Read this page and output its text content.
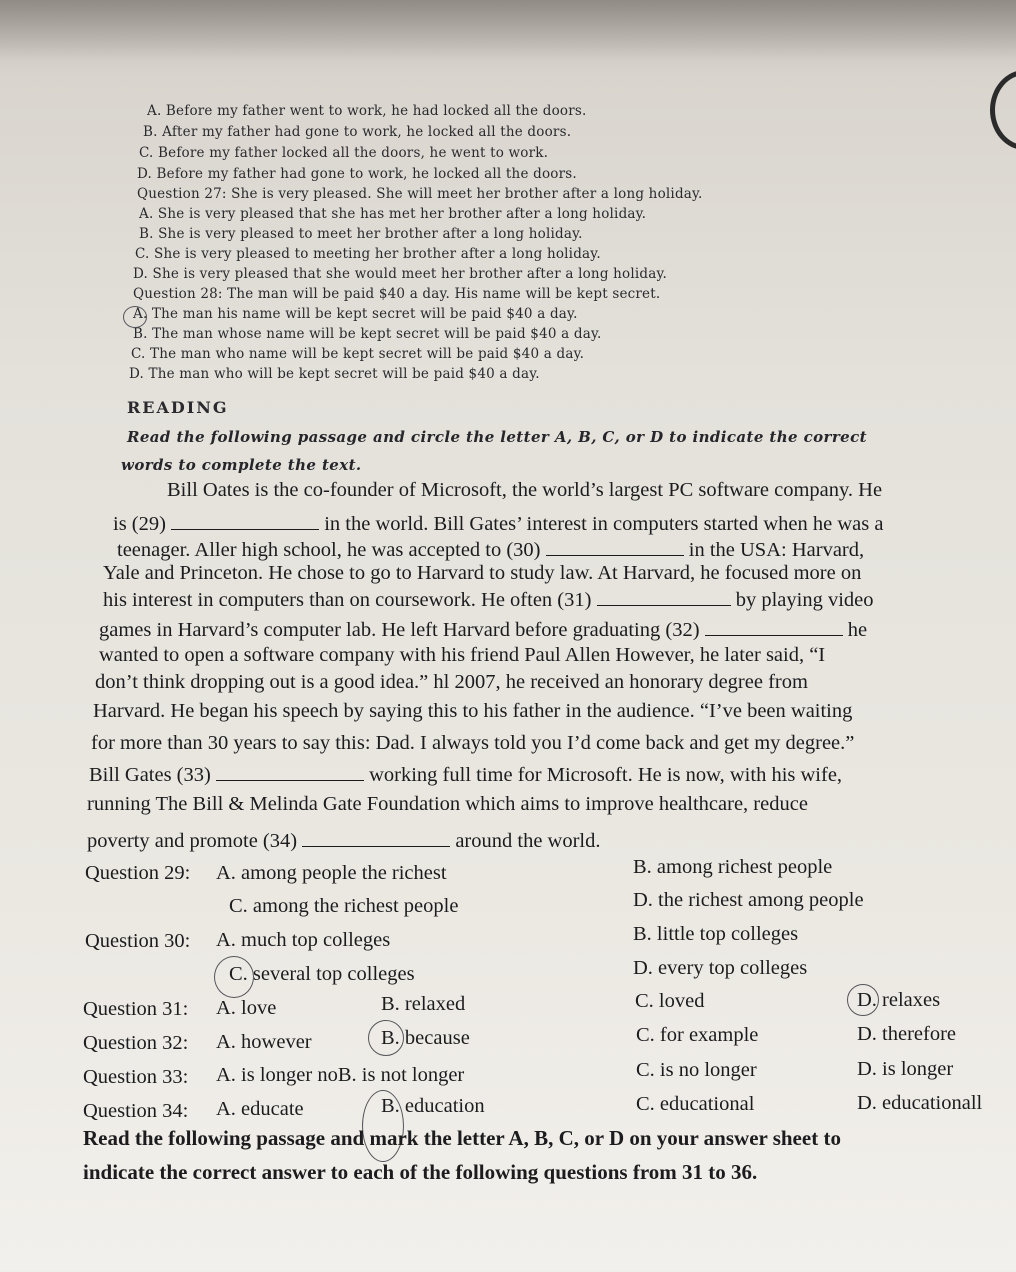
A. Before my father went to work, he had locked all the doors.
B. After my father had gone to work, he locked all the doors.
C. Before my father locked all the doors, he went to work.
D. Before my father had gone to work, he locked all the doors.
Question 27: She is very pleased. She will meet her brother after a long holiday.
A. She is very pleased that she has met her brother after a long holiday.
B. She is very pleased to meet her brother after a long holiday.
C. She is very pleased to meeting her brother after a long holiday.
D. She is very pleased that she would meet her brother after a long holiday.
Question 28: The man will be paid $40 a day. His name will be kept secret.
A. The man his name will be kept secret will be paid $40 a day.
B. The man whose name will be kept secret will be paid $40 a day.
C. The man who name will be kept secret will be paid $40 a day.
D. The man who will be kept secret will be paid $40 a day.
READING
Read the following passage and circle the letter A, B, C, or D to indicate the correct
words to complete the text.
Bill Oates is the co-founder of Microsoft, the world’s largest PC software company. He
is (29)	in the world. Bill Gates’ interest in computers started when he was a
teenager. Aller high school, he was accepted to (30)	in the USA: Harvard,
Yale and Princeton. He chose to go to Harvard to study law. At Harvard, he focused more on
his interest in computers than on coursework. He often (31)	by playing video
games in Harvard’s computer lab. He left Harvard before graduating (32)	he
wanted to open a software company with his friend Paul Allen However, he later said, “I
don’t think dropping out is a good idea.” hl 2007, he received an honorary degree from
Harvard. He began his speech by saying this to his father in the audience. “I’ve been waiting
for more than 30 years to say this: Dad. I always told you I’d come back and get my degree.”
Bill Gates (33)	working full time for Microsoft. He is now, with his wife,
running The Bill & Melinda Gate Foundation which aims to improve healthcare, reduce
poverty and promote (34)	around the world.
Question 29: A. among people the richest	B. among richest people
C. among the richest people	D. the richest among people
Question 30: A. much top colleges	B. little top colleges
C. several top colleges	D. every top colleges
Question 31: A. love	B. relaxed	C. loved	D. relaxes
Question 32: A. however	B. because	C. for example	D. therefore
Question 33: A. is longer noB. is not longer	C. is no longer	D. is longer
Question 34: A. educate	B. education	C. educational	D. educationall
Read the following passage and mark the letter A, B, C, or D on your answer sheet to
indicate the correct answer to each of the following questions from 31 to 36.
